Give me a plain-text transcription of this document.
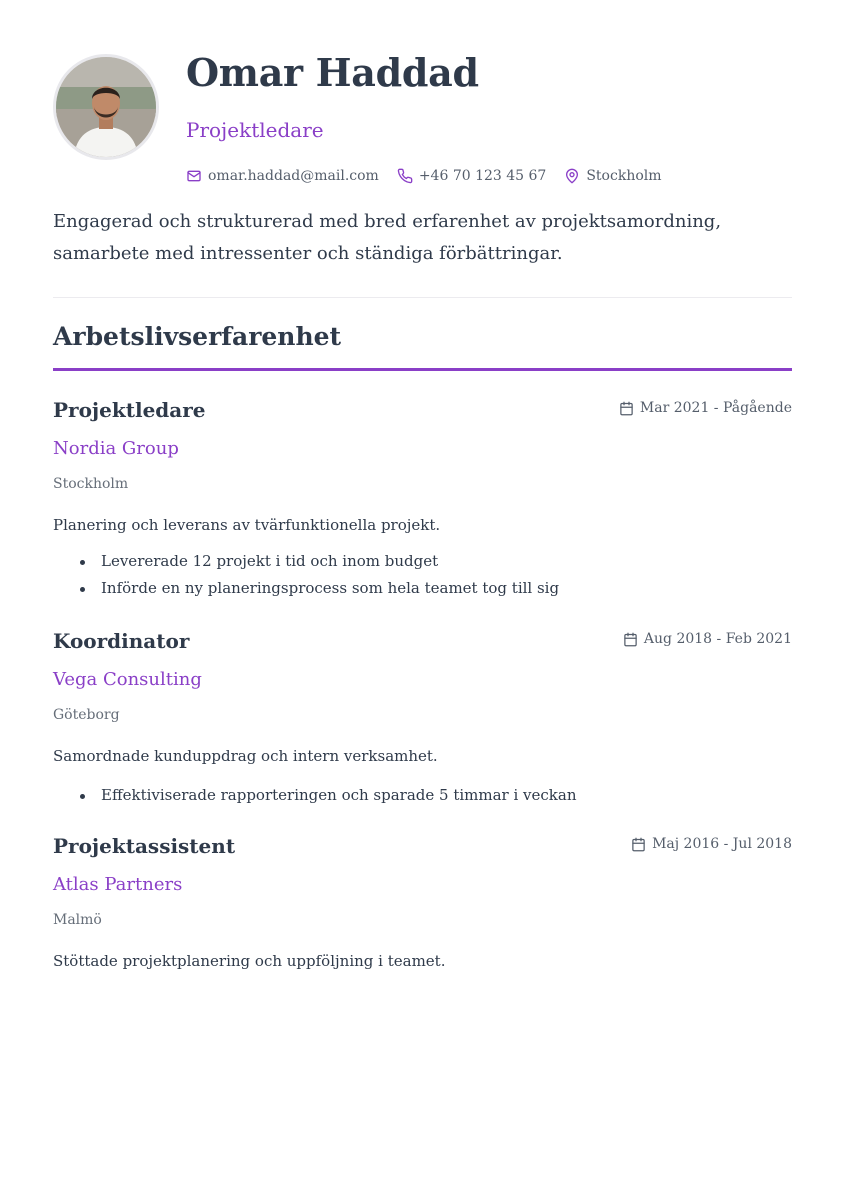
Omar Haddad
Projektledare
omar.haddad@mail.com	+46 70 123 45 67	Stockholm

Engagerad och strukturerad med bred erfarenhet av projektsamordning, samarbete med intressenter och ständiga förbättringar.

Arbetslivserfarenhet
Projektledare	Mar 2021 - Pågående
Nordia Group
Stockholm

Planering och leverans av tvärfunktionella projekt.

Levererade 12 projekt i tid och inom budget
Införde en ny planeringsprocess som hela teamet tog till sig
Koordinator	Aug 2018 - Feb 2021
Vega Consulting
Göteborg

Samordnade kunduppdrag och intern verksamhet.

Effektiviserade rapporteringen och sparade 5 timmar i veckan
Projektassistent	Maj 2016 - Jul 2018
Atlas Partners
Malmö

Stöttade projektplanering och uppföljning i teamet.
